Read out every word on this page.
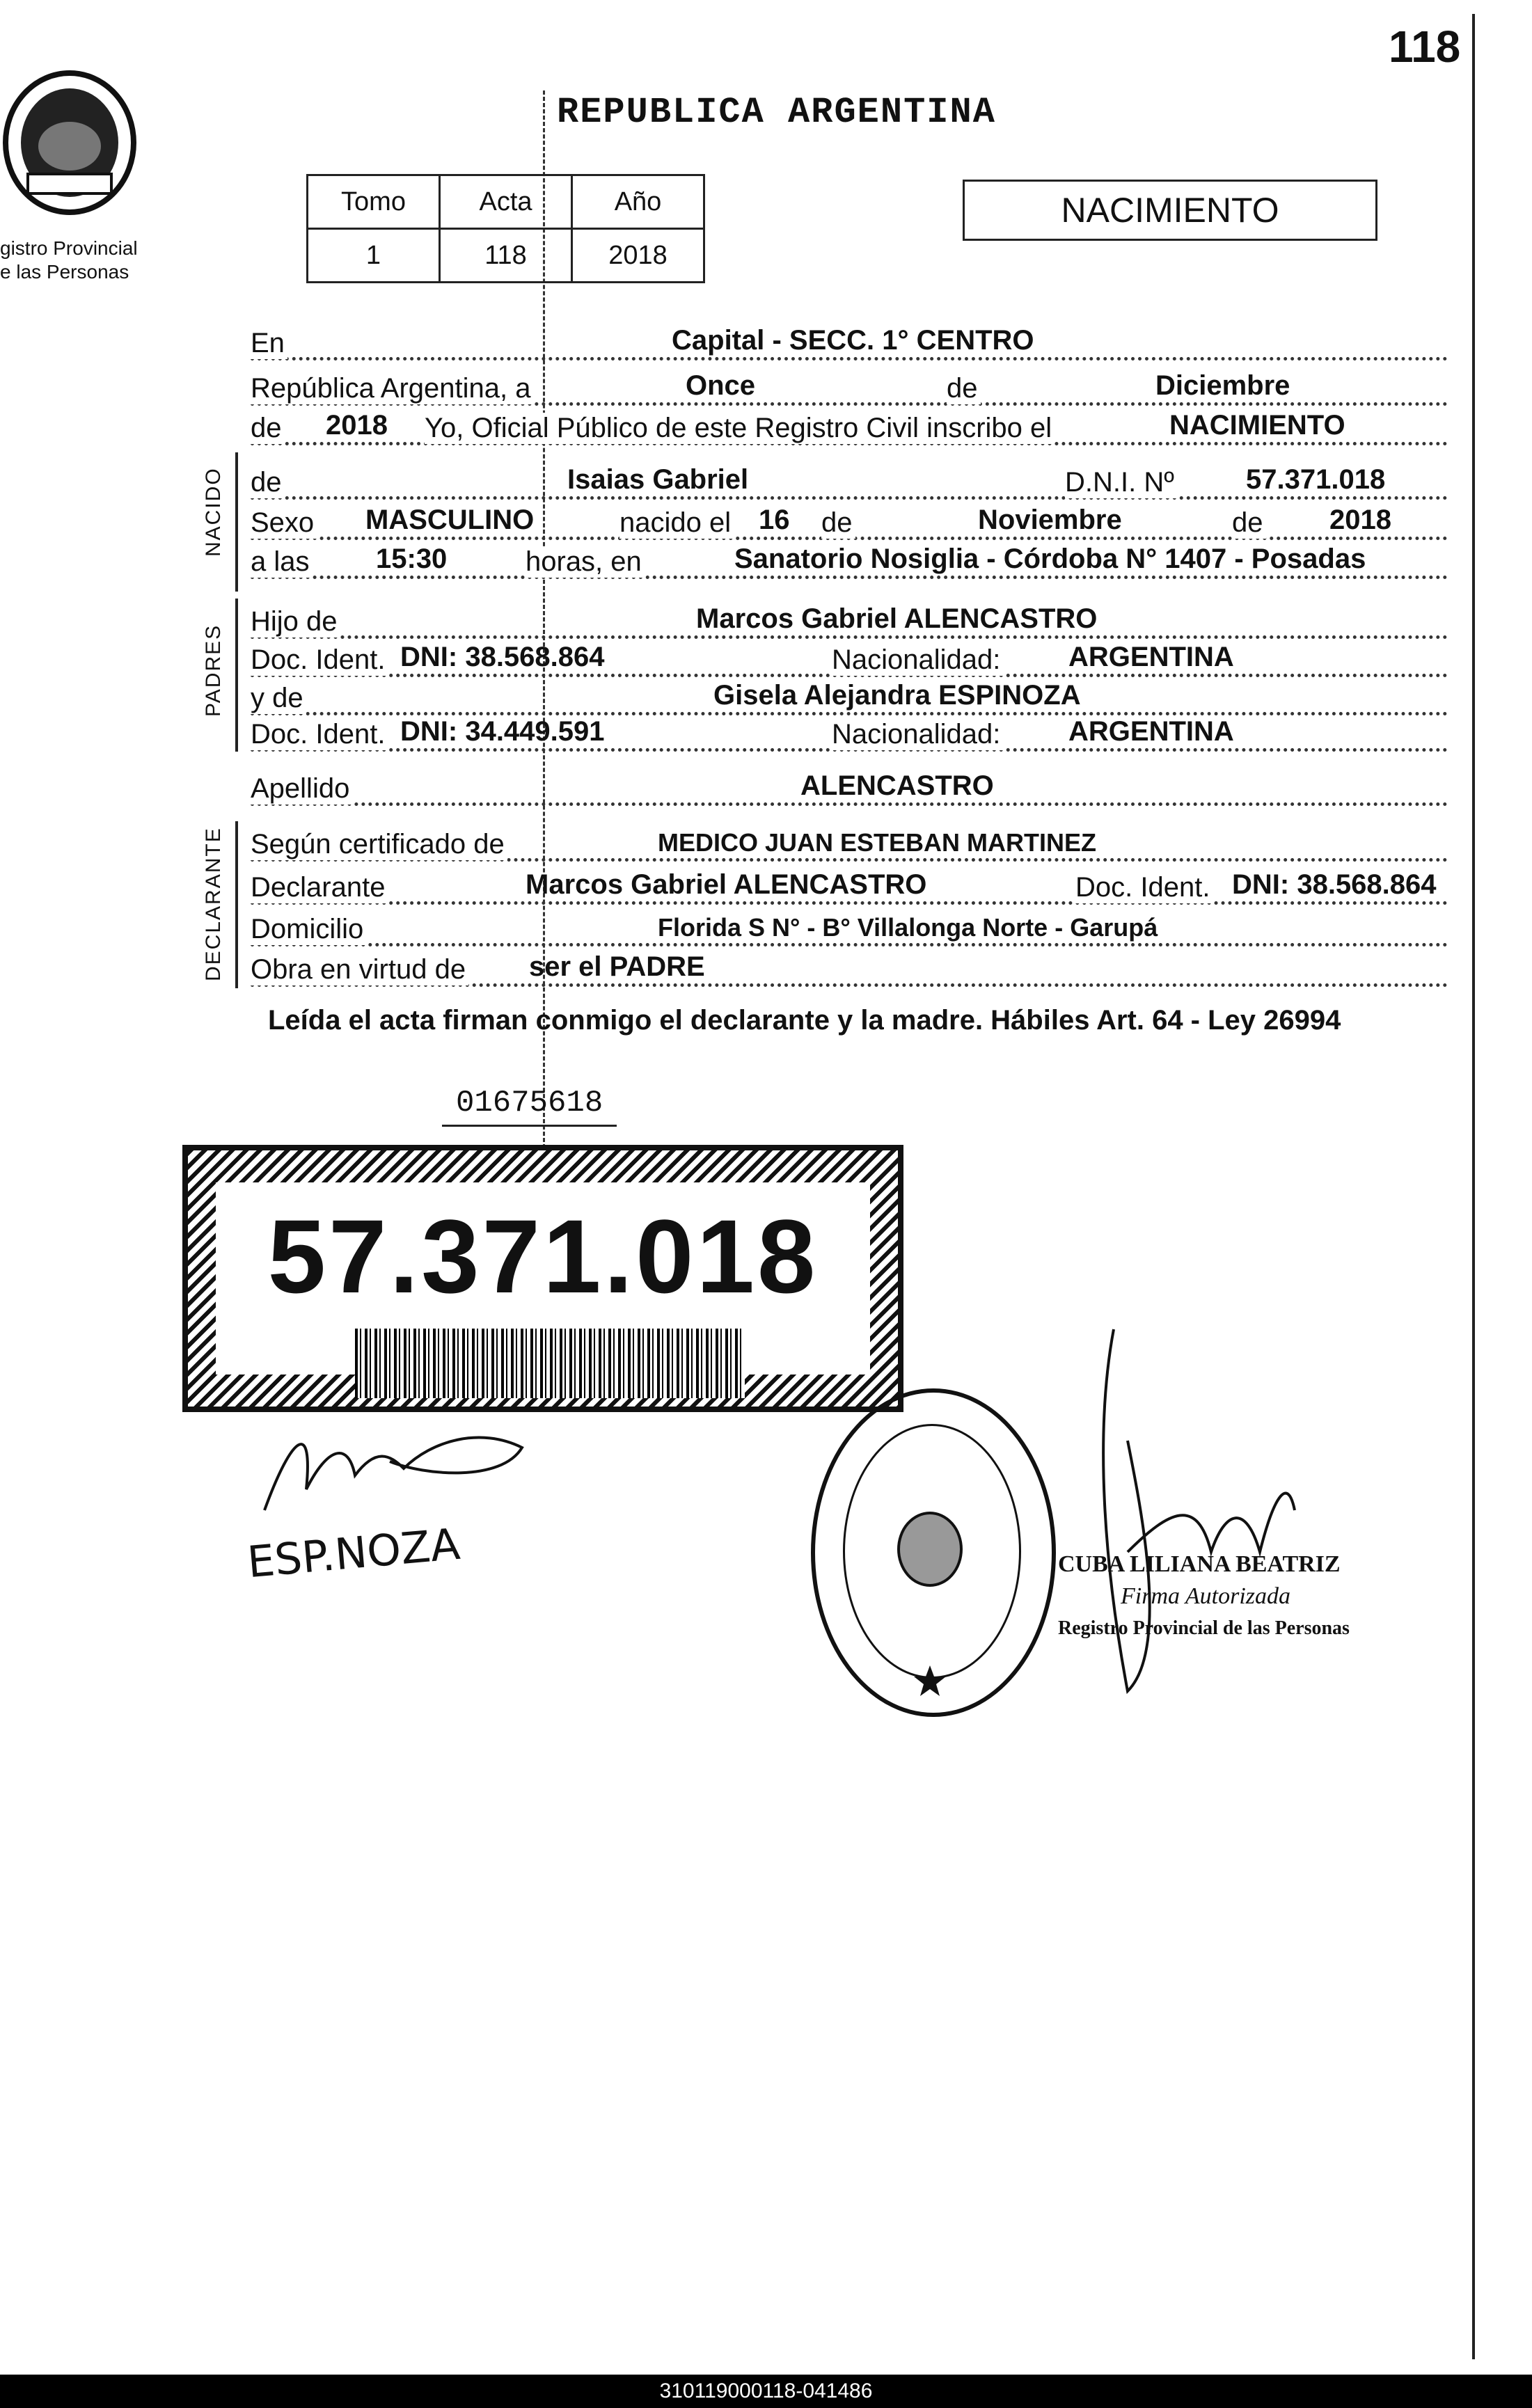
118
gistro Provincial
e las Personas
REPUBLICA ARGENTINA
Tomo	Acta	Año
1	118	2018
NACIMIENTO
En	Capital - SECC. 1° CENTRO
República Argentina, a	Once	de	Diciembre
de 2018 Yo, Oficial Público de este Registro Civil inscribo el	NACIMIENTO
NACIDO de	Isaias Gabriel	D.N.I. Nº	57.371.018
Sexo MASCULINO	nacido el 16 de	Noviembre	de 2018
a las 15:30	horas, en	Sanatorio Nosiglia - Córdoba N° 1407 - Posadas
PADRES
Hijo de	Marcos Gabriel ALENCASTRO
Doc. Ident. DNI: 38.568.864	Nacionalidad: ARGENTINA
y de	Gisela Alejandra ESPINOZA
Doc. Ident. DNI: 34.449.591	Nacionalidad: ARGENTINA
Apellido	ALENCASTRO
DECLARANTE Según certificado de	MEDICO JUAN ESTEBAN MARTINEZ
Declarante	Marcos Gabriel ALENCASTRO	Doc. Ident. DNI: 38.568.864
Domicilio	Florida S N° - B° Villalonga Norte - Garupá
Obra en virtud de ser el PADRE
Leída el acta firman conmigo el declarante y la madre. Hábiles Art. 64 - Ley 26994
01675618
57.371.018
ESP.NOZA	CUBA LILIANA BEATRIZ
Firma Autorizada
Registro Provincial de las Personas
310119000118-041486
